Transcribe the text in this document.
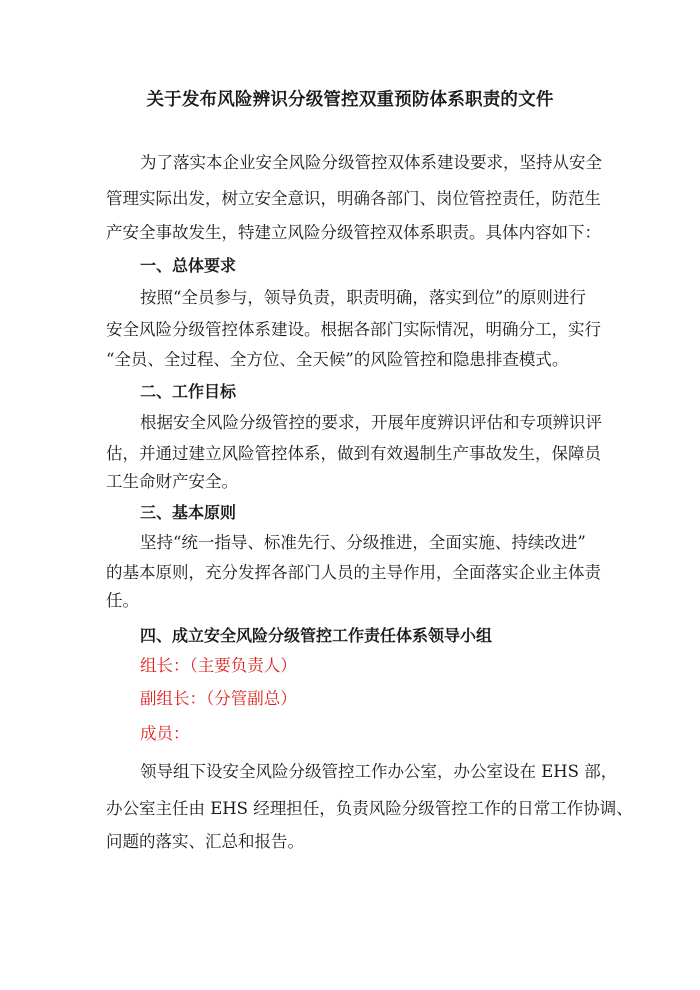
关于发布风险辨识分级管控双重预防体系职责的文件
为了落实本企业安全风险分级管控双体系建设要求，坚持从安全
管理实际出发，树立安全意识，明确各部门、岗位管控责任，防范生
产安全事故发生，特建立风险分级管控双体系职责。具体内容如下：
一、总体要求
按照“全员参与，领导负责，职责明确，落实到位”的原则进行
安全风险分级管控体系建设。根据各部门实际情况，明确分工，实行
“全员、全过程、全方位、全天候”的风险管控和隐患排查模式。
二、工作目标
根据安全风险分级管控的要求，开展年度辨识评估和专项辨识评
估，并通过建立风险管控体系，做到有效遏制生产事故发生，保障员
工生命财产安全。
三、基本原则
坚持“统一指导、标准先行、分级推进，全面实施、持续改进”
的基本原则，充分发挥各部门人员的主导作用，全面落实企业主体责
任。
四、成立安全风险分级管控工作责任体系领导小组
组长：（主要负责人）
副组长：（分管副总）
成员：
领导组下设安全风险分级管控工作办公室，办公室设在 EHS 部，
办公室主任由 EHS 经理担任，负责风险分级管控工作的日常工作协调、
问题的落实、汇总和报告。
